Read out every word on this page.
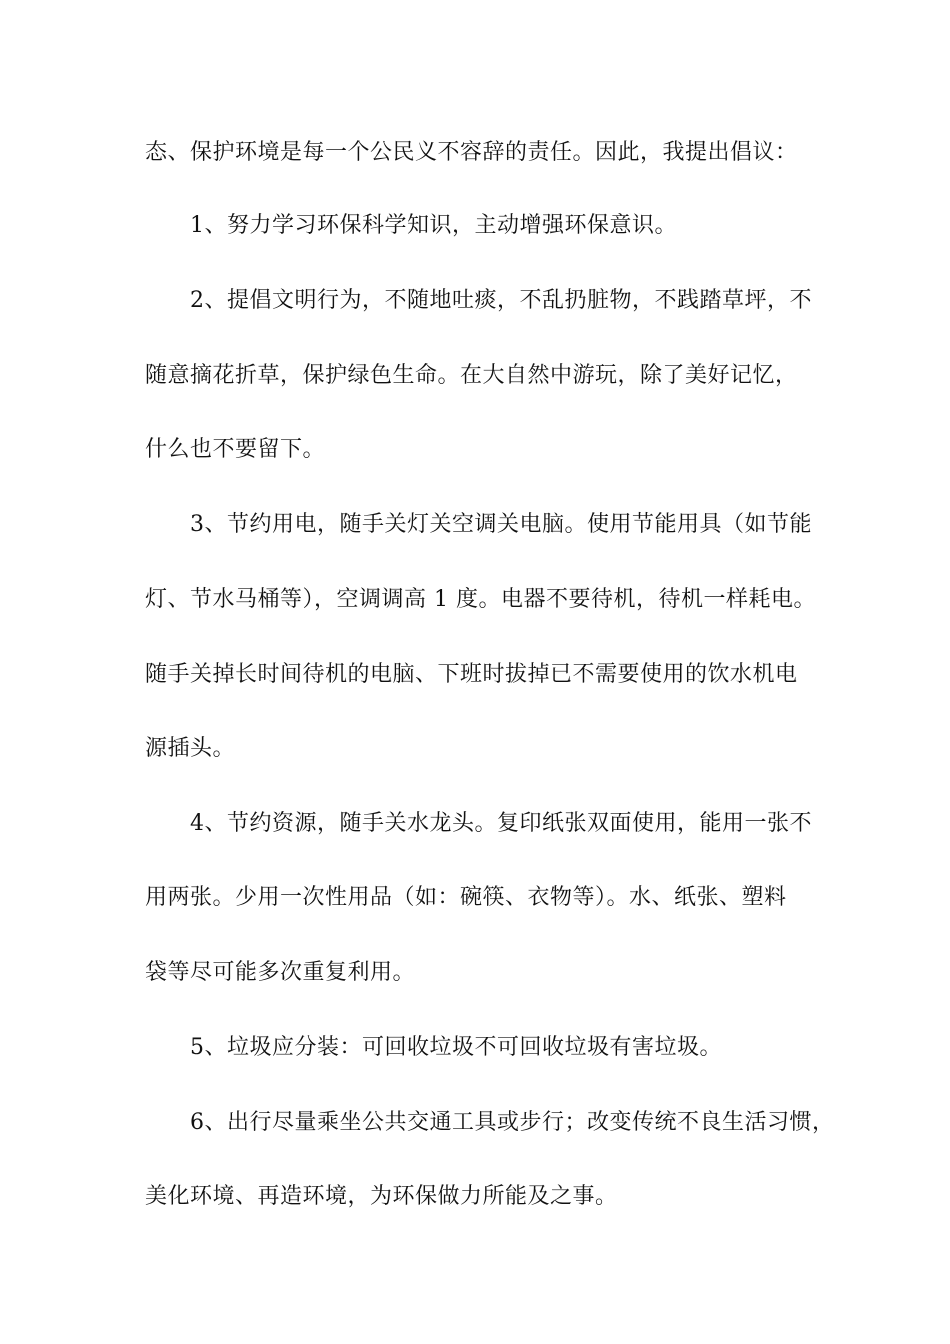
态、保护环境是每一个公民义不容辞的责任。因此，我提出倡议：
1、努力学习环保科学知识，主动增强环保意识。
2、提倡文明行为，不随地吐痰，不乱扔脏物，不践踏草坪，不
随意摘花折草，保护绿色生命。在大自然中游玩，除了美好记忆，
什么也不要留下。
3、节约用电，随手关灯关空调关电脑。使用节能用具（如节能
灯、节水马桶等），空调调高 1 度。电器不要待机，待机一样耗电。
随手关掉长时间待机的电脑、下班时拔掉已不需要使用的饮水机电
源插头。
4、节约资源，随手关水龙头。复印纸张双面使用，能用一张不
用两张。少用一次性用品（如：碗筷、衣物等）。水、纸张、塑料
袋等尽可能多次重复利用。
5、垃圾应分装：可回收垃圾不可回收垃圾有害垃圾。
6、出行尽量乘坐公共交通工具或步行；改变传统不良生活习惯，
美化环境、再造环境，为环保做力所能及之事。
